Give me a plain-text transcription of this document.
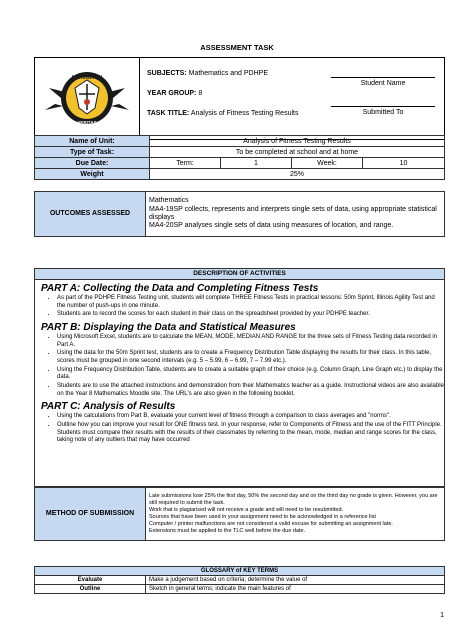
ASSESSMENT TASK
HARINGTON
VERITAS
SUBJECTS: Mathematics and PDHPE
YEAR GROUP: 8
TASK TITLE: Analysis of Fitness Testing Results
Student Name
Submitted To
Name of Unit:	Analysis of Fitness Testing Results			
Type of Task:	To be completed at school and at home			
Due Date:	Term:	1	Week:	10
Weight	25%			
OUTCOMES ASSESSED	
Mathematics
MA4-19SP collects, represents and interprets single sets of data, using appropriate statistical displays
MA4-20SP analyses single sets of data using measures of location, and range.
DESCRIPTION OF ACTIVITIES
PART A: Collecting the Data and Completing Fitness Tests
• As part of the PDHPE Fitness Testing unit, students will complete THREE Fitness Tests in practical lessons: 50m Sprint, Illinois Agility Test and the number of push-ups in one minute.
• Students are to record the scores for each student in their class on the spreadsheet provided by your PDHPE teacher.
PART B: Displaying the Data and Statistical Measures
• Using Microsoft Excel, students are to calculate the MEAN, MODE, MEDIAN AND RANGE for the three sets of Fitness Testing data recorded in Part A.
• Using the data for the 50m Sprint test, students are to create a Frequency Distribution Table displaying the results for their class. In this table, scores must be grouped in one second intervals (e.g. 5 – 5.99, 6 – 6.99, 7 – 7.99 etc.).
• Using the Frequency Distribution Table, students are to create a suitable graph of their choice (e.g. Column Graph, Line Graph etc.) to display the data.
• Students are to use the attached instructions and demonstration from their Mathematics teacher as a guide. Instructional videos are also available on the Year 8 Mathematics Moodle site. The URL's are also given in the following booklet.
PART C: Analysis of Results
• Using the calculations from Part B, evaluate your current level of fitness through a comparison to class averages and "norms".
• Outline how you can improve your result for ONE fitness test. In your response, refer to Components of Fitness and the use of the FITT Principle. Students must compare their results with the results of their classmates by referring to the mean, mode, median and range scores for the class, taking note of any outliers that may have occurred
METHOD OF SUBMISSION	
Late submissions lose 25% the first day, 50% the second day and on the third day no grade is given. However, you are still required to submit the task.
Work that is plagiarised will not receive a grade and will need to be resubmitted.
Sources that have been used in your assignment need to be acknowledged in a reference list
Computer / printer malfunctions are not considered a valid excuse for submitting an assignment late.
Extensions must be applied to the TLC well before the due date.
GLOSSARY of KEY TERMS	
Evaluate	Make a judgement based on criteria; determine the value of
Outline	Sketch in general terms; indicate the main features of
1
